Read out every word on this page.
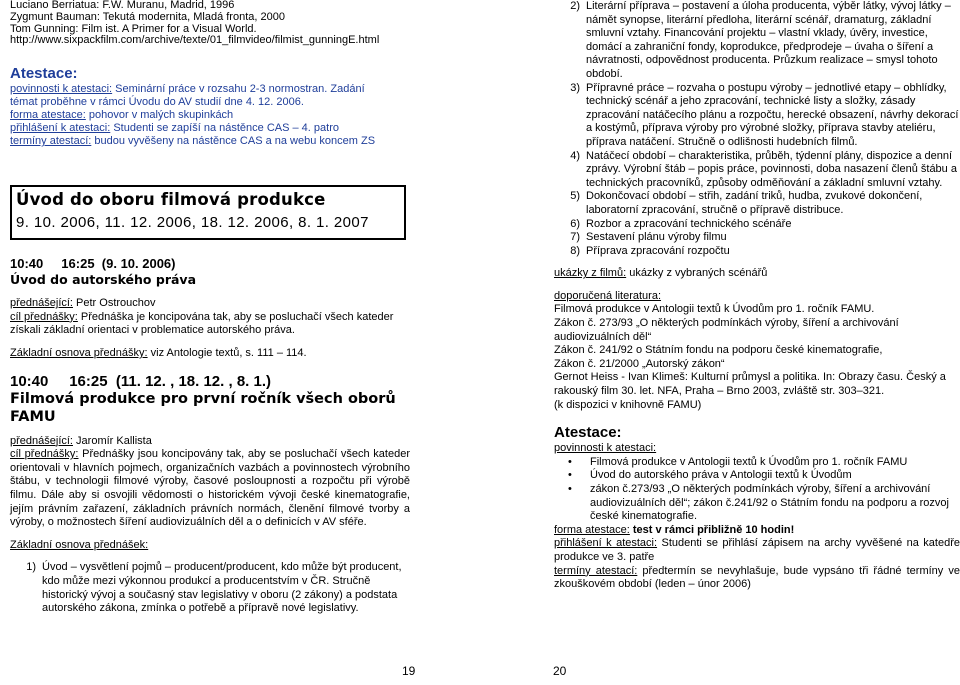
Luciano Berriatua: F.W. Muranu, Madrid, 1996

Zygmunt Bauman: Tekutá modernita, Mladá fronta, 2000

Tom Gunning: Film ist. A Primer for a Visual World.

http://www.sixpackfilm.com/archive/texte/01_filmvideo/filmist_gunningE.html

Atestace:

povinnosti k atestaci: Seminární práce v rozsahu 2-3 normostran. Zadání

témat proběhne v rámci Úvodu do AV studií dne 4. 12. 2006.

forma atestace: pohovor v malých skupinkách

přihlášení k atestaci: Studenti se zapíší na nástěnce CAS – 4. patro

termíny atestací: budou vyvěšeny na nástěnce CAS a na webu koncem ZS

Úvod do oboru filmová produkce
9. 10. 2006, 11. 12. 2006, 18. 12. 2006, 8. 1. 2007

10:40     16:25  (9. 10. 2006)

Úvod do autorského práva

přednášející: Petr Ostrouchov

cíl přednášky: Přednáška je koncipována tak, aby se posluchačí všech kateder získali základní orientaci v problematice autorského práva.

Základní osnova přednášky: viz Antologie textů, s. 111 – 114.

10:40     16:25  (11. 12. , 18. 12. , 8. 1.)

Filmová produkce pro první ročník všech oborů FAMU

přednášející: Jaromír Kallista

cíl přednášky: Přednášky jsou koncipovány tak, aby se posluchačí všech kateder orientovali v hlavních pojmech, organizačních vazbách a povinnostech výrobního štábu, v technologii filmové výroby, časové posloupnosti a rozpočtu při výrobě filmu. Dále aby si osvojili vědomosti o historickém vývoji české kinematografie, jejím právním zařazení, základních právních normách, členění filmové tvorby a výroby, o možnostech šíření audiovizuálních děl a o definicích v AV sféře.

Základní osnova přednášek:

1) Úvod – vysvětlení pojmů – producent/producent, kdo může být producent, kdo může mezi výkonnou produkcí a producentstvím v ČR. Stručně historický vývoj a současný stav legislativy v oboru (2 zákony) a podstata autorského zákona, zmínka o potřebě a přípravě nové legislativy.
19
2) Literární příprava – postavení a úloha producenta, výběr látky, vývoj látky – námět synopse, literární předloha, literární scénář, dramaturg, základní smluvní vztahy. Financování projektu – vlastní vklady, úvěry, investice, domácí a zahraniční fondy, koprodukce, předprodeje – úvaha o šíření a návratnosti, odpovědnost producenta. Průzkum realizace – smysl tohoto období.
3) Přípravné práce – rozvaha o postupu výroby – jednotlivé etapy – obhlídky, technický scénář a jeho zpracování, technické listy a složky, zásady zpracování natáčecího plánu a rozpočtu, herecké obsazení, návrhy dekorací a kostýmů, příprava výroby pro výrobné složky, příprava stavby ateliéru, příprava natáčení. Stručně o odlišnosti hudebních filmů.
4) Natáčecí období – charakteristika, průběh, týdenní plány, dispozice a denní zprávy. Výrobní štáb – popis práce, povinnosti, doba nasazení členů štábu a technických pracovníků, způsoby odměňování a základní smluvní vztahy.
5) Dokončovací období – střih, zadání triků, hudba, zvukové dokončení, laboratorní zpracování, stručně o přípravě distribuce.
6) Rozbor a zpracování technického scénáře
7) Sestavení plánu výroby filmu
8) Příprava zpracování rozpočtu

ukázky z filmů: ukázky z vybraných scénářů

doporučená literatura:

Filmová produkce v Antologii textů k Úvodům pro 1. ročník FAMU.

Zákon č. 273/93 „O některých podmínkách výroby, šíření a archivování audiovizuálních děl“

Zákon č. 241/92 o Státním fondu na podporu české kinematografie,

Zákon č. 21/2000 „Autorský zákon“

Gernot Heiss - Ivan Klimeš: Kulturní průmysl a politika. In: Obrazy času. Český a rakouský film 30. let. NFA, Praha – Brno 2003, zvláště str. 303–321.

(k dispozici v knihovně FAMU)

Atestace:

povinnosti k atestaci:

• Filmová produkce v Antologii textů k Úvodům pro 1. ročník FAMU
• Úvod do autorského práva v Antologii textů k Úvodům
• zákon č.273/93 „O některých podmínkách výroby, šíření a archivování audiovizuálních děl“; zákon č.241/92 o Státním fondu na podporu a rozvoj české kinematografie.

forma atestace: test v rámci přibližně 10 hodin!

přihlášení k atestaci: Studenti se přihlásí zápisem na archy vyvěšené na katedře produkce ve 3. patře

termíny atestací: předtermín se nevyhlašuje, bude vypsáno tři řádné termíny ve zkouškovém období (leden – únor 2006)

20
